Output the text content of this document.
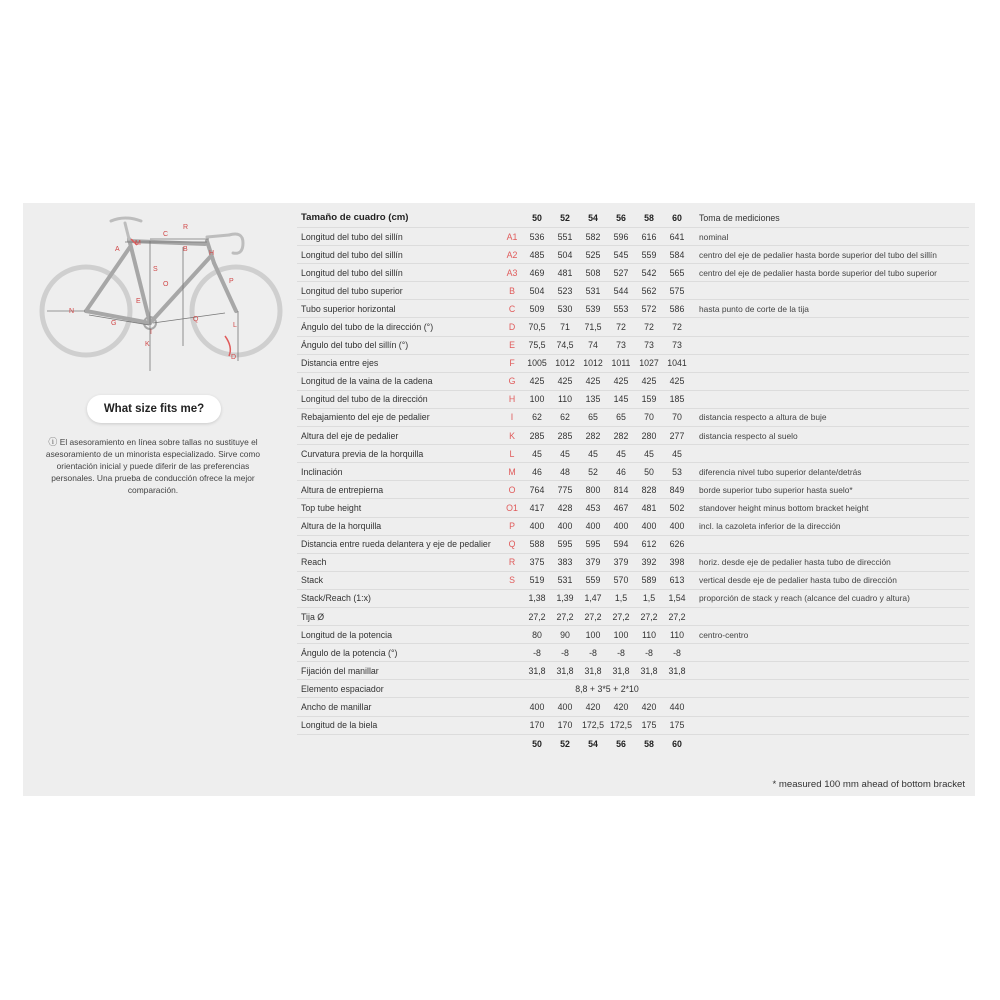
A
M
C
R
B
H
S
O	P
N
E
G
Q
I
L
K
D
What size fits me?
ⓘ El asesoramiento en línea sobre tallas no sustituye el asesoramiento de un minorista especializado. Sirve como orientación inicial y puede diferir de las preferencias personales. Una prueba de conducción ofrece la mejor comparación.
Tamaño de cuadro (cm)	50	52	54	56	58	60	Toma de mediciones
Longitud del tubo del sillín	A1	536	551	582	596	616	641	nominal
Longitud del tubo del sillín	A2	485	504	525	545	559	584	centro del eje de pedalier hasta borde superior del tubo del sillín
Longitud del tubo del sillín	A3	469	481	508	527	542	565	centro del eje de pedalier hasta borde superior del tubo superior
Longitud del tubo superior	B	504	523	531	544	562	575
Tubo superior horizontal	C	509	530	539	553	572	586	hasta punto de corte de la tija
Ángulo del tubo de la dirección (°)	D	70,5	71	71,5	72	72	72
Ángulo del tubo del sillín (°)	E	75,5	74,5	74	73	73	73
Distancia entre ejes	F	1005 1012 1012 1011 1027 1041
Longitud de la vaina de la cadena	G	425	425	425	425	425	425
Longitud del tubo de la dirección	H	100	110	135	145	159	185
Rebajamiento del eje de pedalier	I	62	62	65	65	70	70	distancia respecto a altura de buje
Altura del eje de pedalier	K	285	285	282	282	280	277	distancia respecto al suelo
Curvatura previa de la horquilla	L	45	45	45	45	45	45
Inclinación	M	46	48	52	46	50	53	diferencia nivel tubo superior delante/detrás
Altura de entrepierna	O	764	775	800	814	828	849	borde superior tubo superior hasta suelo*
Top tube height	O1	417	428	453	467	481	502	standover height minus bottom bracket height
Altura de la horquilla	P	400	400	400	400	400	400	incl. la cazoleta inferior de la dirección
Distancia entre rueda delantera y eje de pedalier	Q	588	595	595	594	612	626
Reach	R	375	383	379	379	392	398	horiz. desde eje de pedalier hasta tubo de dirección
Stack	S	519	531	559	570	589	613	vertical desde eje de pedalier hasta tubo de dirección
Stack/Reach (1:x)	1,38	1,39	1,47	1,5	1,5	1,54	proporción de stack y reach (alcance del cuadro y altura)
Tija Ø	27,2	27,2	27,2	27,2	27,2	27,2
Longitud de la potencia	80	90	100	100	110	110	centro-centro
Ángulo de la potencia (°)	-8	-8	-8	-8	-8	-8
Fijación del manillar	31,8	31,8	31,8	31,8	31,8	31,8
Elemento espaciador	8,8 + 3*5 + 2*10
Ancho de manillar	400	400	420	420	420	440
Longitud de la biela	170	170	172,5 172,5	175	175
50	52	54	56	58	60
* measured 100 mm ahead of bottom bracket
